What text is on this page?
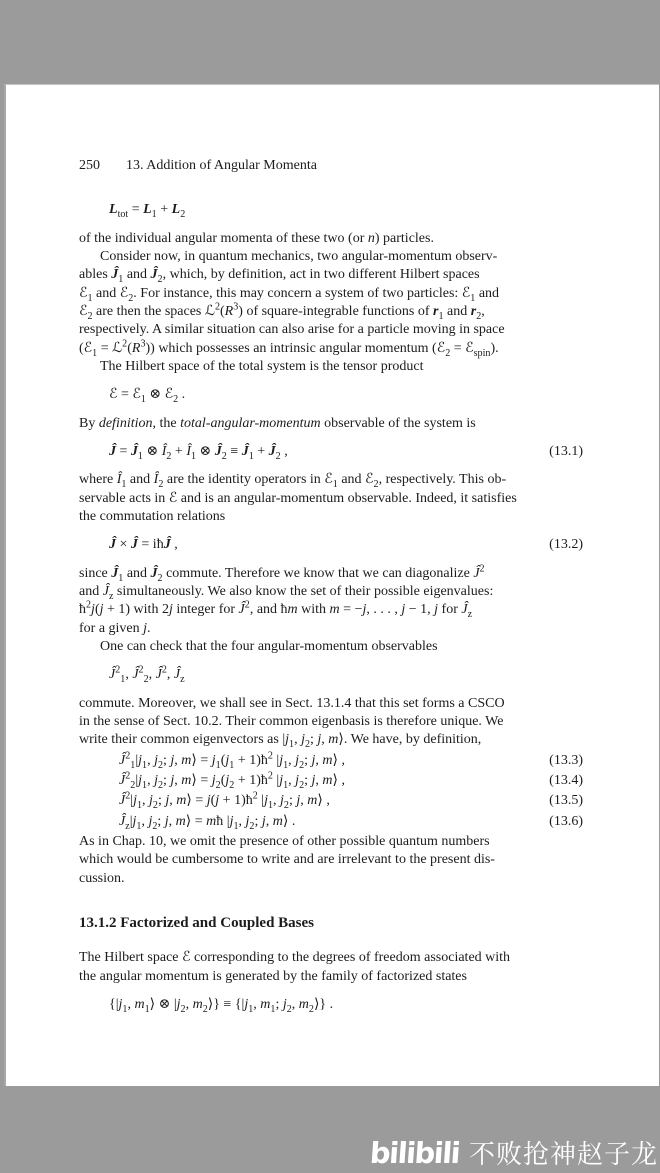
250 13. Addition of Angular Momenta
$L_{tot} = L_1 + L_2$
of the individual angular momenta of these two (or n) particles.
Consider now, in quantum mechanics, two angular-momentum observ-
ables $Ĵ_1$ and $Ĵ_2$, which, by definition, act in two different Hilbert spaces
ℰ$_1$ and ℰ$_2$. For instance, this may concern a system of two particles: ℰ$_1$ and
ℰ$_2$ are then the spaces $ℒ^2(R^3)$ of square-integrable functions of $r_1$ and $r_2$,
respectively. A similar situation can also arise for a particle moving in space
(ℰ$_1$ = $ℒ^2(R^3)$) which possesses an intrinsic angular momentum (ℰ$_2$ = ℰ$_{spin}$).
The Hilbert space of the total system is the tensor product
ℰ = ℰ$_1$ ⊗ ℰ$_2$ .
By definition, the total-angular-momentum observable of the system is
Ĵ = $Ĵ_1$ ⊗ $Î_2$ + $Î_1$ ⊗ $Ĵ_2$ ≡ $Ĵ_1$ + $Ĵ_2$ ,	(13.1)
where $Î_1$ and $Î_2$ are the identity operators in ℰ$_1$ and ℰ$_2$, respectively. This ob-
servable acts in ℰ and is an angular-momentum observable. Indeed, it satisfies
the commutation relations
Ĵ × Ĵ = iħĴ ,	(13.2)
since $Ĵ_1$ and $Ĵ_2$ commute. Therefore we know that we can diagonalize $Ĵ^2$
and $Ĵ_z$ simultaneously. We also know the set of their possible eigenvalues:
$ħ^2j(j + 1)$ with 2j integer for $Ĵ^2$, and ħm with m = −j, . . . , j − 1, j for $Ĵ_z$
for a given j.
One can check that the four angular-momentum observables
$Ĵ^2_1$, $Ĵ^2_2$, $Ĵ^2$, $Ĵ_z$
commute. Moreover, we shall see in Sect. 13.1.4 that this set forms a CSCO
in the sense of Sect. 10.2. Their common eigenbasis is therefore unique. We
write their common eigenvectors as $|j_1$, $j_2$; j, m⟩. We have, by definition,
$Ĵ^2_1|j_1$, $j_2$; j, m⟩ = $j_1(j_1$ + $1)ħ^2$ $|j_1$, $j_2$; j, m⟩ ,	(13.3)
$Ĵ^2_2|j_1$, $j_2$; j, m⟩ = $j_2(j_2$ + $1)ħ^2$ $|j_1$, $j_2$; j, m⟩ ,	(13.4)
$Ĵ^2|j_1$, $j_2$; j, m⟩ = $j(j + 1)ħ^2$ $|j_1$, $j_2$; j, m⟩ ,	(13.5)
$Ĵ_z|j_1$, $j_2$; j, m⟩ = mħ $|j_1$, $j_2$; j, m⟩ .	(13.6)
As in Chap. 10, we omit the presence of other possible quantum numbers
which would be cumbersome to write and are irrelevant to the present dis-
cussion.
13.1.2 Factorized and Coupled Bases
The Hilbert space ℰ corresponding to the degrees of freedom associated with
the angular momentum is generated by the family of factorized states
{$|j_1$, $m_1⟩$ ⊗ $|j_2$, $m_2⟩\} \equiv \{|j_1$, $m_1$; $j_2$, $m_2⟩$} .
bilibili 不败抢神赵子龙
